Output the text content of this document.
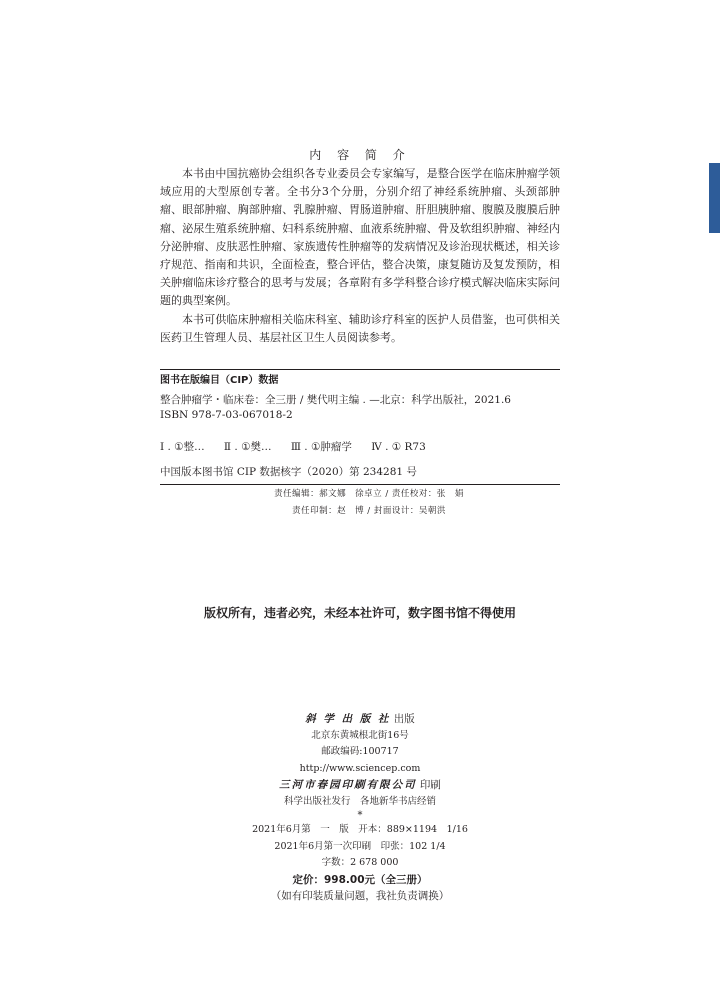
内 容 简 介

本书由中国抗癌协会组织各专业委员会专家编写，是整合医学在临床肿瘤学领域应用的大型原创专著。全书分3个分册，分别介绍了神经系统肿瘤、头颈部肿瘤、眼部肿瘤、胸部肿瘤、乳腺肿瘤、胃肠道肿瘤、肝胆胰肿瘤、腹膜及腹膜后肿瘤、泌尿生殖系统肿瘤、妇科系统肿瘤、血液系统肿瘤、骨及软组织肿瘤、神经内分泌肿瘤、皮肤恶性肿瘤、家族遗传性肿瘤等的发病情况及诊治现状概述，相关诊疗规范、指南和共识，全面检查，整合评估，整合决策，康复随访及复发预防，相关肿瘤临床诊疗整合的思考与发展；各章附有多学科整合诊疗模式解决临床实际问题的典型案例。

本书可供临床肿瘤相关临床科室、辅助诊疗科室的医护人员借鉴，也可供相关医药卫生管理人员、基层社区卫生人员阅读参考。

图书在版编目（CIP）数据
整合肿瘤学・临床卷：全三册 / 樊代明主编 . —北京：科学出版社，2021.6
ISBN 978-7-03-067018-2
Ⅰ . ①整… Ⅱ . ①樊… Ⅲ . ①肿瘤学 Ⅳ . ① R73
中国版本图书馆 CIP 数据核字（2020）第 234281 号
责任编辑：郝文娜　徐卓立 / 责任校对：张　娟
责任印制：赵　博 / 封面设计：吴朝洪
版权所有，违者必究，未经本社许可，数字图书馆不得使用
斜 学 出 版 社 出版
北京东黄城根北街16号
邮政编码:100717
http://www.sciencep.com
三河市春园印刷有限公司 印刷
科学出版社发行　各地新华书店经销
*
2021年6月第　一　版　开本：889×1194　1/16
2021年6月第一次印刷　印张：102 1/4
字数：2 678 000
定价：998.00元（全三册）
（如有印装质量问题，我社负责调换）
